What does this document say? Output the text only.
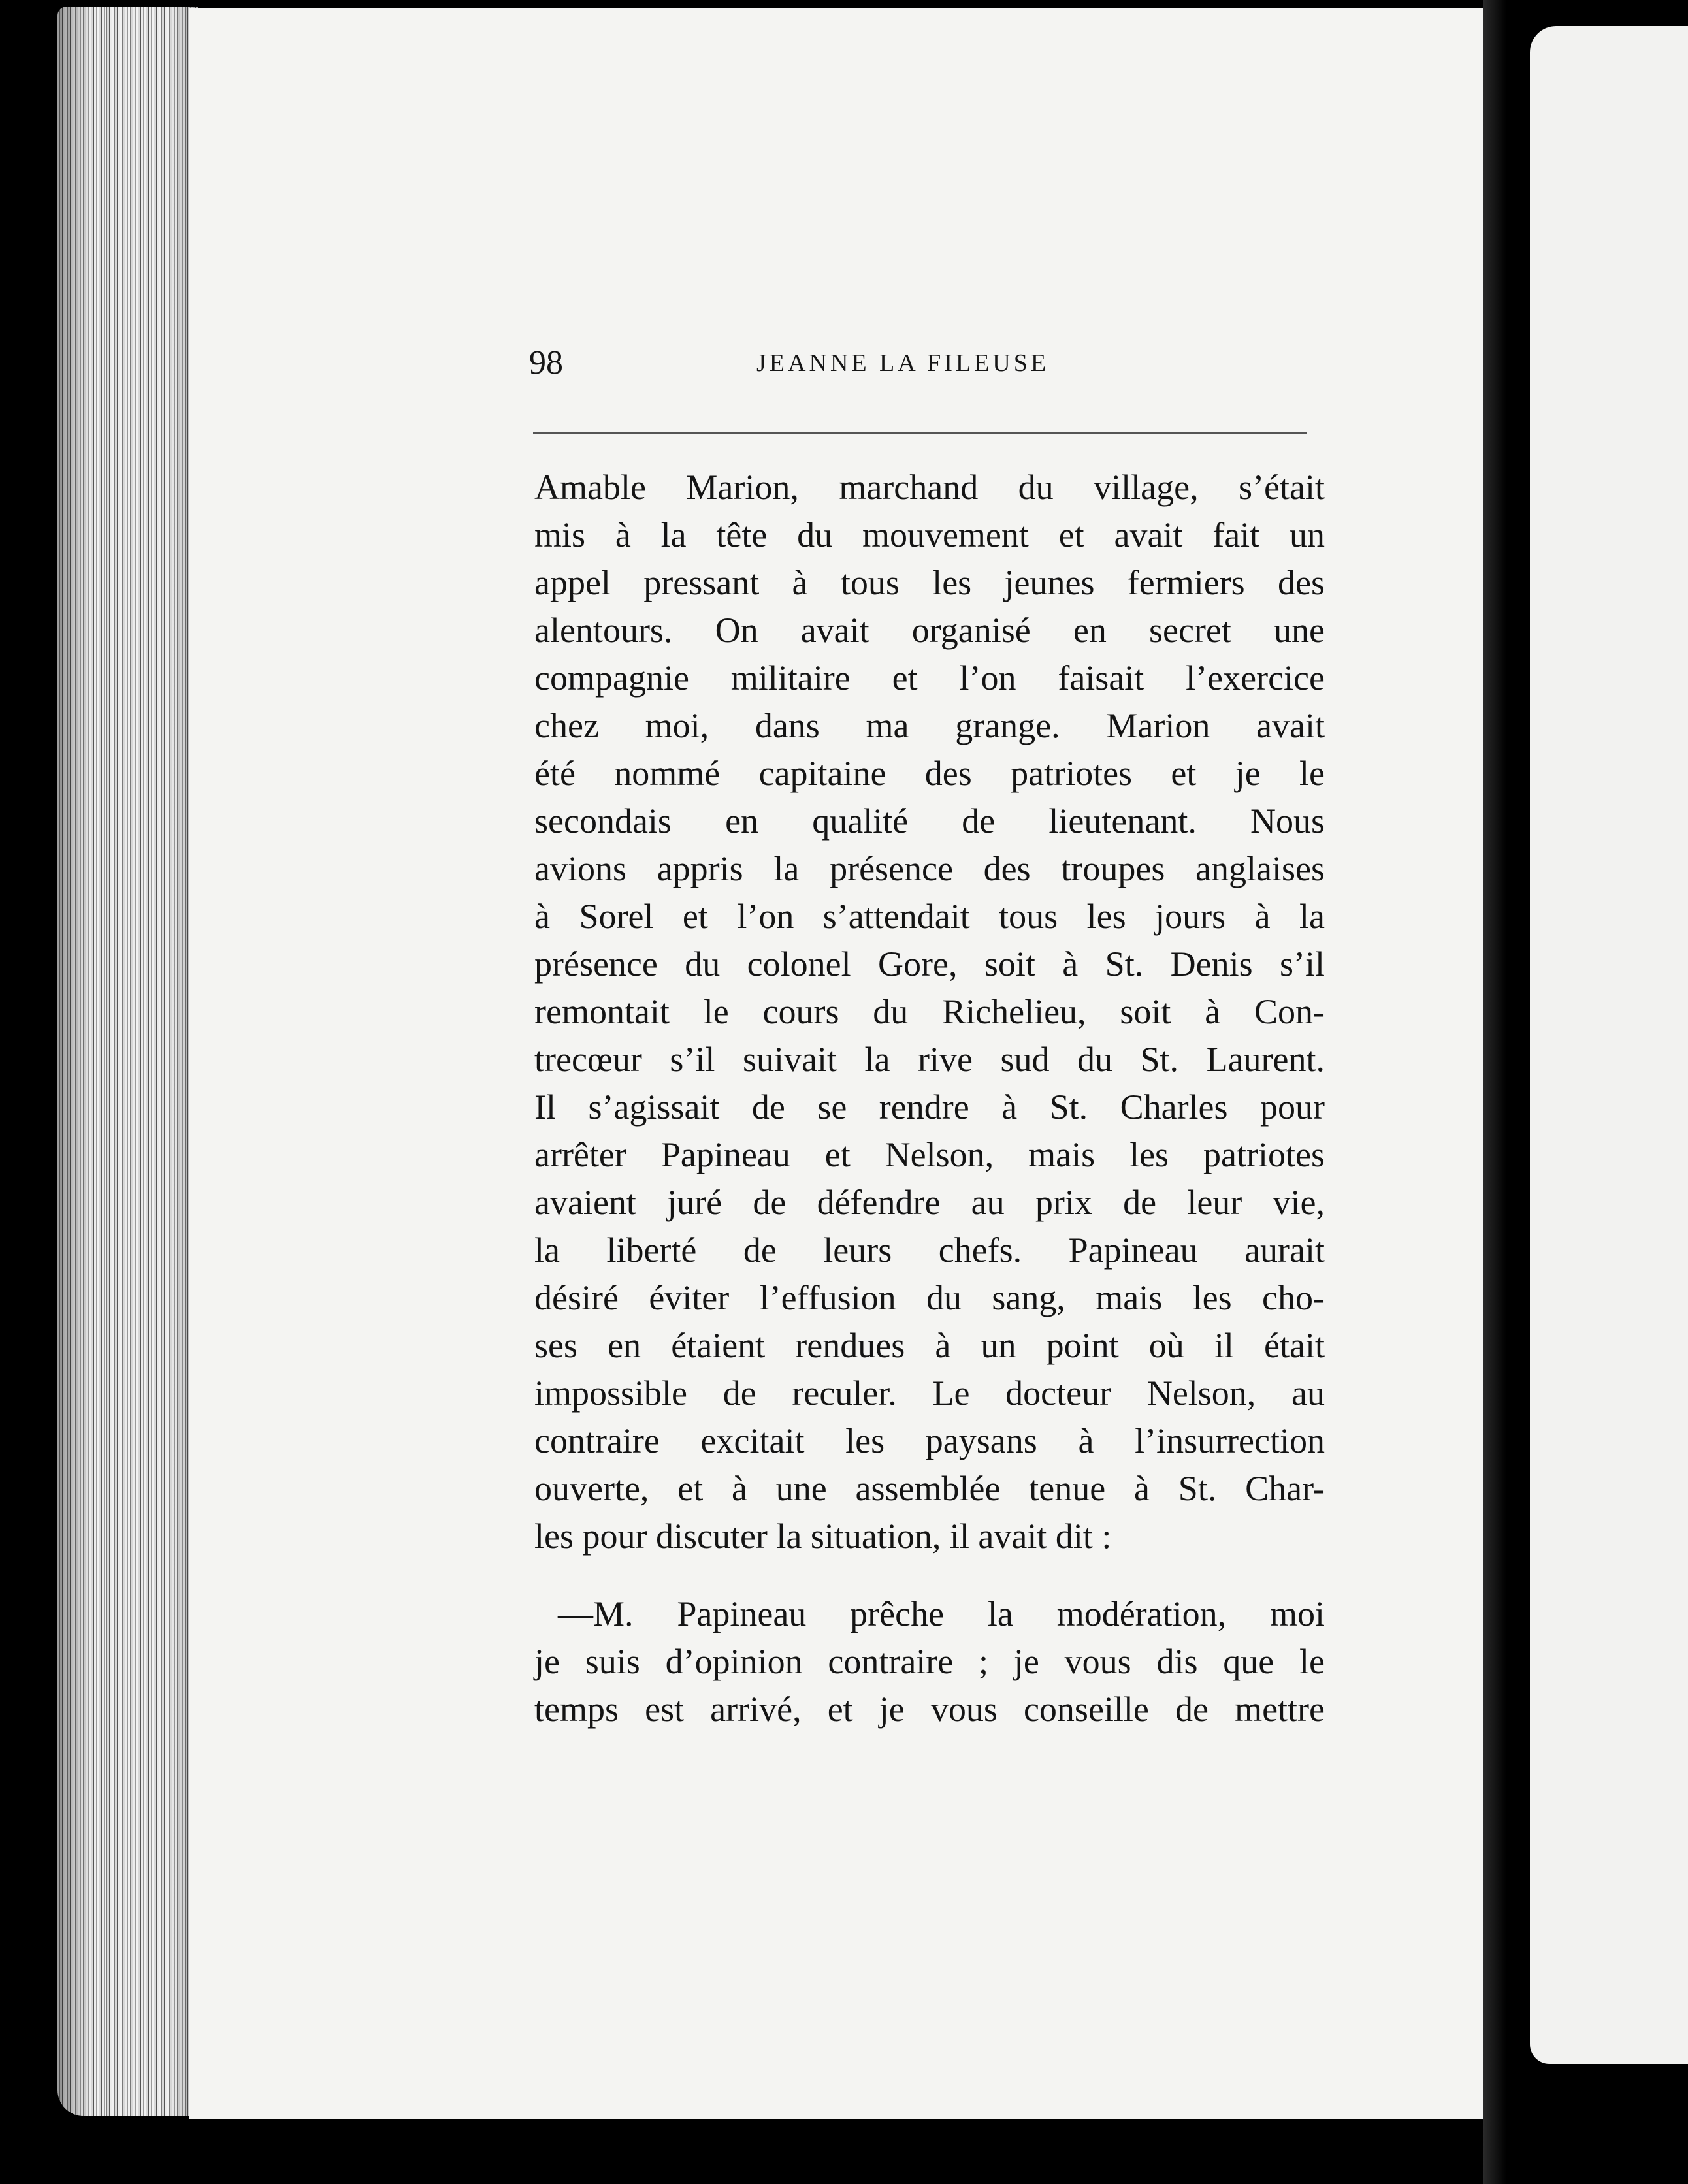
98	JEANNE LA FILEUSE
Amable Marion, marchand du village, s’était
mis à la tête du mouvement et avait fait un
appel pressant à tous les jeunes fermiers des
alentours. On avait organisé en secret une
compagnie militaire et l’on faisait l’exercice
chez moi, dans ma grange. Marion avait
été nommé capitaine des patriotes et je le
secondais en qualité de lieutenant. Nous
avions appris la présence des troupes anglaises
à Sorel et l’on s’attendait tous les jours à la
présence du colonel Gore, soit à St. Denis s’il
remontait le cours du Richelieu, soit à Con-
trecœur s’il suivait la rive sud du St. Laurent.
Il s’agissait de se rendre à St. Charles pour
arrêter Papineau et Nelson, mais les patriotes
avaient juré de défendre au prix de leur vie,
la liberté de leurs chefs. Papineau aurait
désiré éviter l’effusion du sang, mais les cho-
ses en étaient rendues à un point où il était
impossible de reculer. Le docteur Nelson, au
contraire excitait les paysans à l’insurrection
ouverte, et à une assemblée tenue à St. Char-
les pour discuter la situation, il avait dit :
—M. Papineau prêche la modération, moi
je suis d’opinion contraire ; je vous dis que le
temps est arrivé, et je vous conseille de mettre
